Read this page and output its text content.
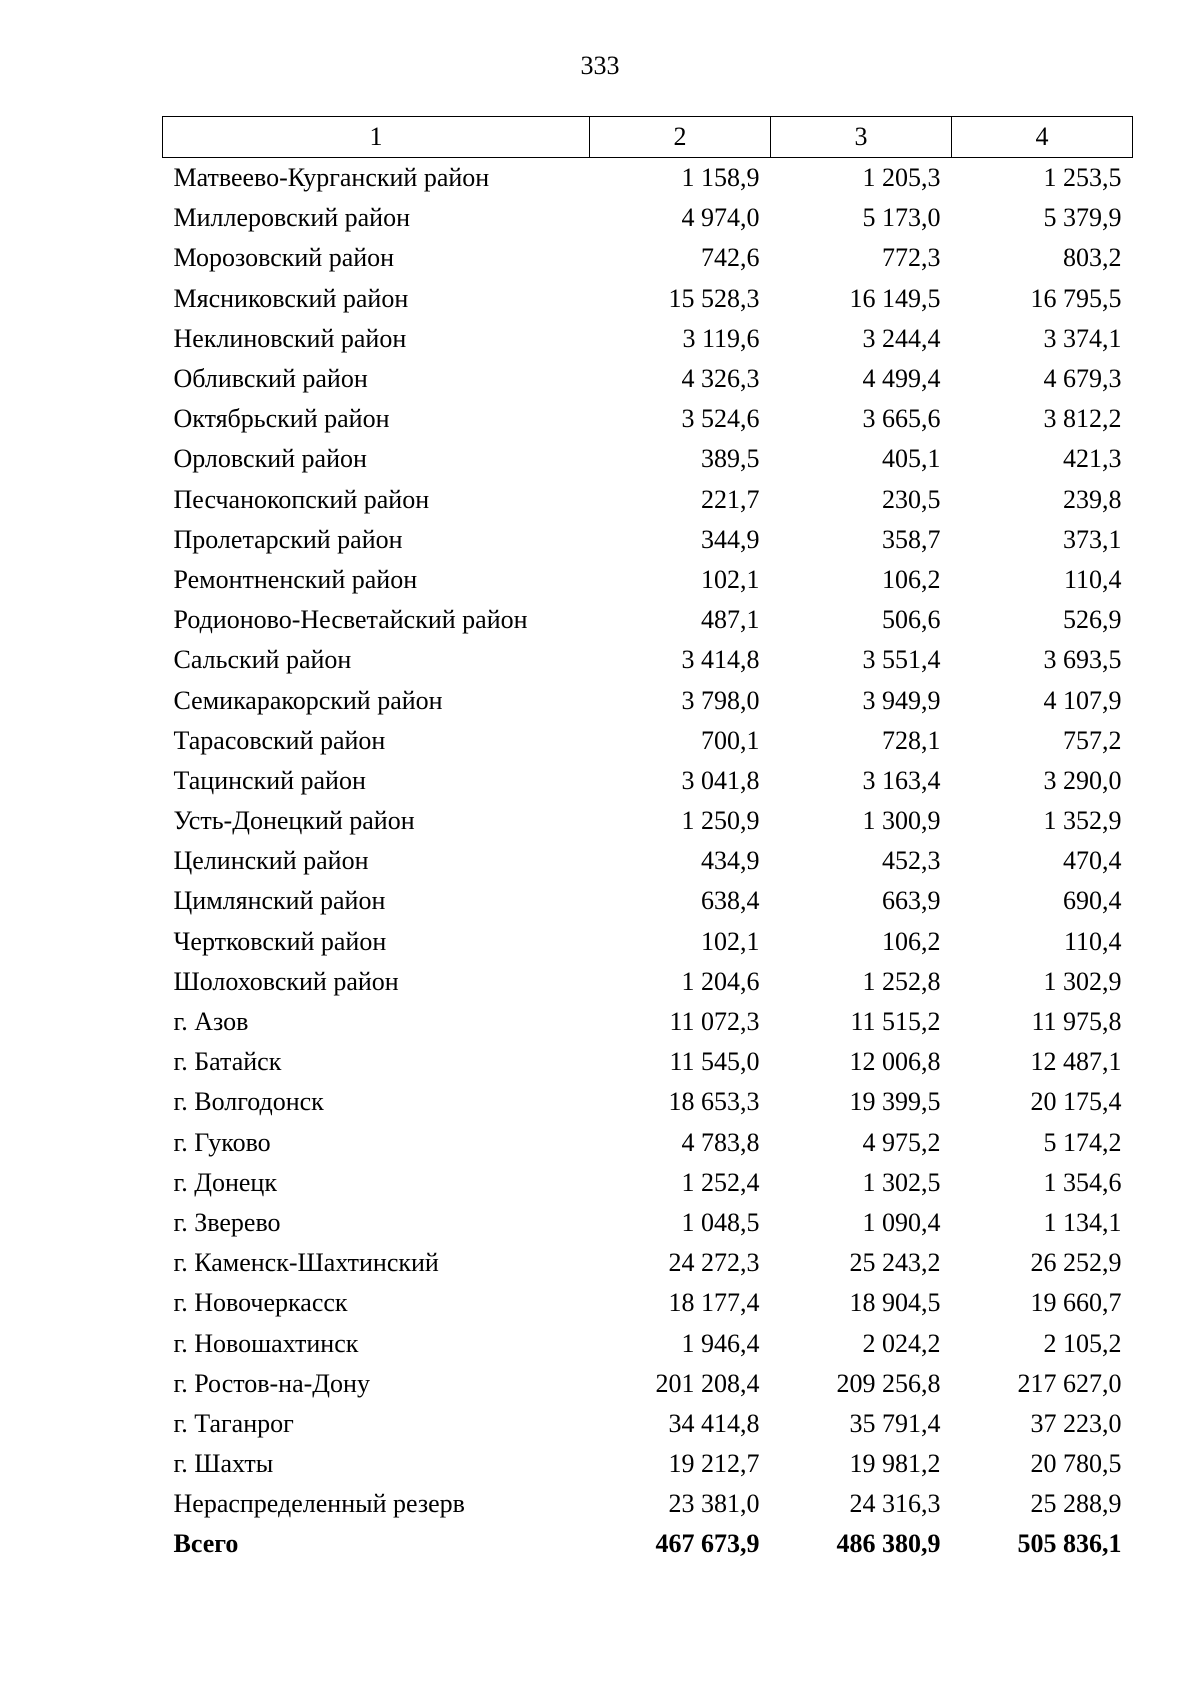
333
1	2	3	4
Матвеево-Курганский район	1 158,9	1 205,3	1 253,5
Миллеровский район	4 974,0	5 173,0	5 379,9
Морозовский район	742,6	772,3	803,2
Мясниковский район	15 528,3	16 149,5	16 795,5
Неклиновский район	3 119,6	3 244,4	3 374,1
Обливский район	4 326,3	4 499,4	4 679,3
Октябрьский район	3 524,6	3 665,6	3 812,2
Орловский район	389,5	405,1	421,3
Песчанокопский район	221,7	230,5	239,8
Пролетарский район	344,9	358,7	373,1
Ремонтненский район	102,1	106,2	110,4
Родионово-Несветайский район	487,1	506,6	526,9
Сальский район	3 414,8	3 551,4	3 693,5
Семикаракорский район	3 798,0	3 949,9	4 107,9
Тарасовский район	700,1	728,1	757,2
Тацинский район	3 041,8	3 163,4	3 290,0
Усть-Донецкий район	1 250,9	1 300,9	1 352,9
Целинский район	434,9	452,3	470,4
Цимлянский район	638,4	663,9	690,4
Чертковский район	102,1	106,2	110,4
Шолоховский район	1 204,6	1 252,8	1 302,9
г. Азов	11 072,3	11 515,2	11 975,8
г. Батайск	11 545,0	12 006,8	12 487,1
г. Волгодонск	18 653,3	19 399,5	20 175,4
г. Гуково	4 783,8	4 975,2	5 174,2
г. Донецк	1 252,4	1 302,5	1 354,6
г. Зверево	1 048,5	1 090,4	1 134,1
г. Каменск-Шахтинский	24 272,3	25 243,2	26 252,9
г. Новочеркасск	18 177,4	18 904,5	19 660,7
г. Новошахтинск	1 946,4	2 024,2	2 105,2
г. Ростов-на-Дону	201 208,4	209 256,8	217 627,0
г. Таганрог	34 414,8	35 791,4	37 223,0
г. Шахты	19 212,7	19 981,2	20 780,5
Нераспределенный резерв	23 381,0	24 316,3	25 288,9
Всего	467 673,9	486 380,9	505 836,1
